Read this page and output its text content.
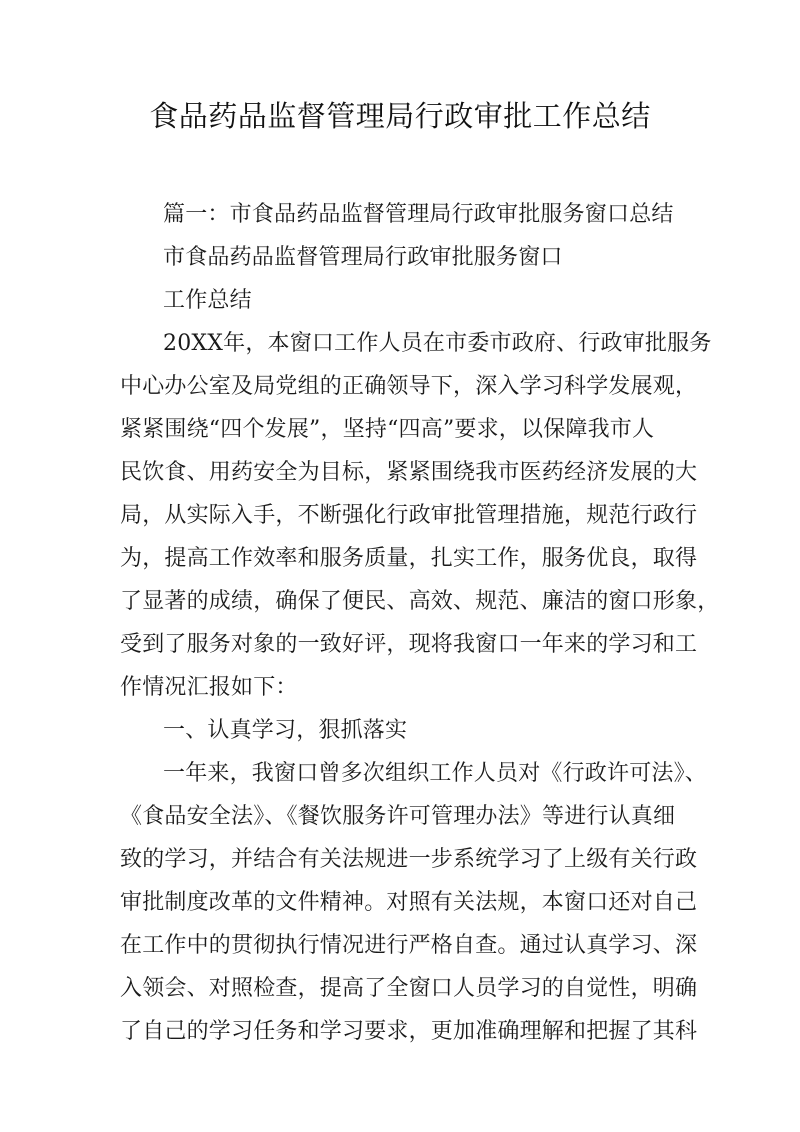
食品药品监督管理局行政审批工作总结
篇一：市食品药品监督管理局行政审批服务窗口总结
市食品药品监督管理局行政审批服务窗口
工作总结
20XX年，本窗口工作人员在市委市政府、行政审批服务
中心办公室及局党组的正确领导下，深入学习科学发展观，
紧紧围绕“四个发展”，坚持“四高”要求，以保障我市人
民饮食、用药安全为目标，紧紧围绕我市医药经济发展的大
局，从实际入手，不断强化行政审批管理措施，规范行政行
为，提高工作效率和服务质量，扎实工作，服务优良，取得
了显著的成绩，确保了便民、高效、规范、廉洁的窗口形象，
受到了服务对象的一致好评，现将我窗口一年来的学习和工
作情况汇报如下：
一、认真学习，狠抓落实
一年来，我窗口曾多次组织工作人员对《行政许可法》、
《食品安全法》、《餐饮服务许可管理办法》等进行认真细
致的学习，并结合有关法规进一步系统学习了上级有关行政
审批制度改革的文件精神。对照有关法规，本窗口还对自己
在工作中的贯彻执行情况进行严格自查。通过认真学习、深
入领会、对照检查，提高了全窗口人员学习的自觉性，明确
了自己的学习任务和学习要求，更加准确理解和把握了其科
